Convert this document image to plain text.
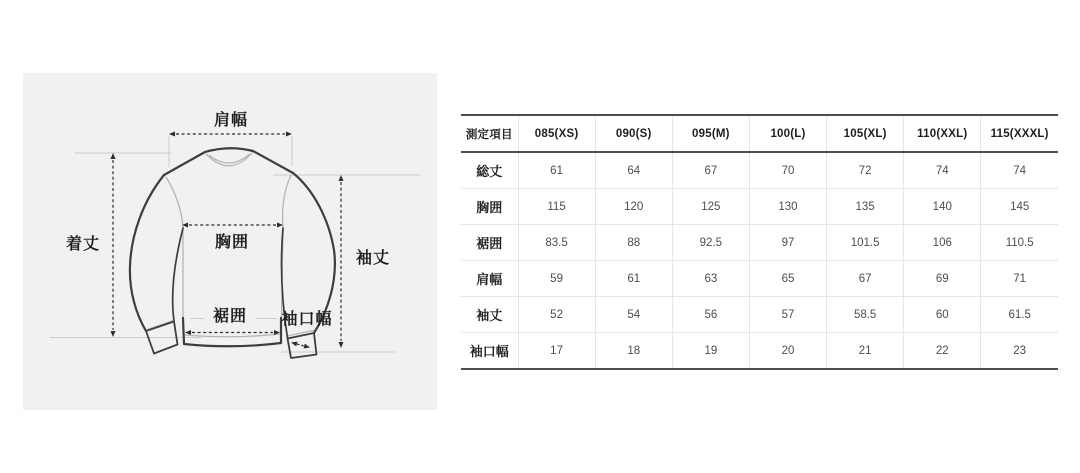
肩幅
着丈	胸囲
袖丈
裾囲 袖口幅
測定項目	085(XS)	090(S)	095(M)	100(L)	105(XL)	110(XXL)	115(XXXL)
総丈	61	64	67	70	72	74	74
胸囲	115	120	125	130	135	140	145
裾囲	83.5	88	92.5	97	101.5	106	110.5
肩幅	59	61	63	65	67	69	71
袖丈	52	54	56	57	58.5	60	61.5
袖口幅	17	18	19	20	21	22	23
